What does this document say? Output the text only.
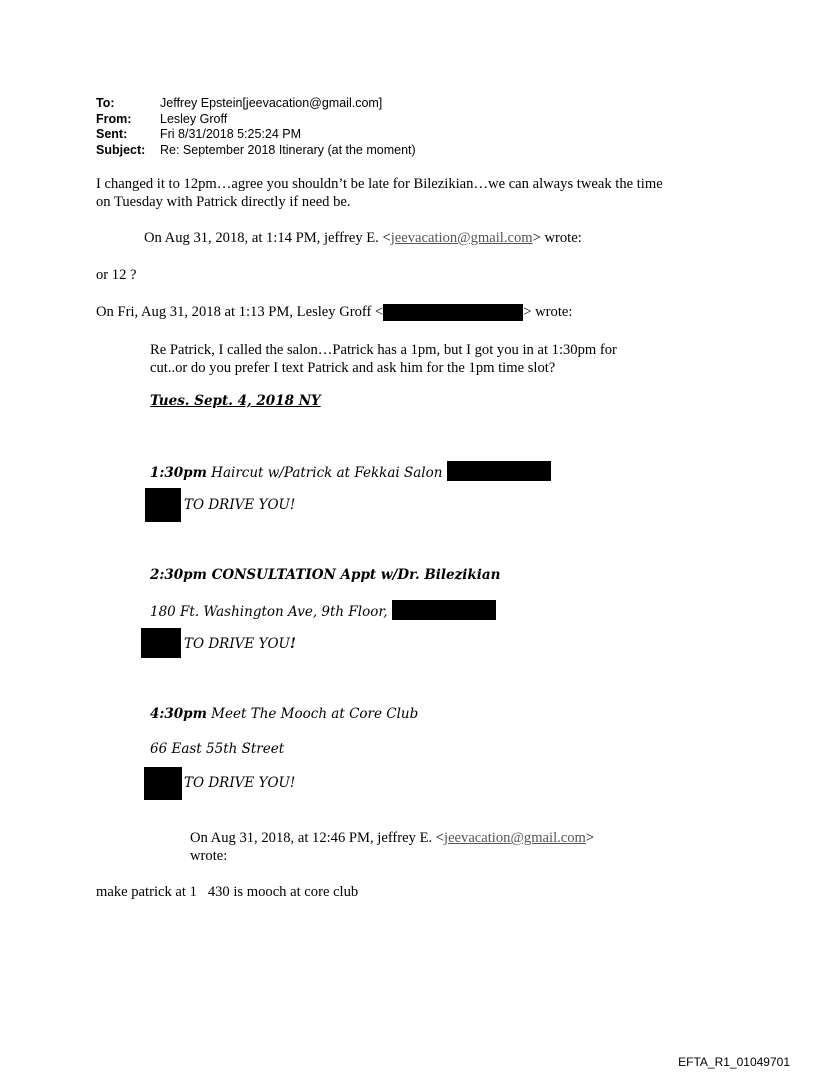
To:	Jeffrey Epstein[jeevacation@gmail.com]
From:	Lesley Groff
Sent:	Fri 8/31/2018 5:25:24 PM
Subject:	Re: September 2018 Itinerary (at the moment)
I changed it to 12pm…agree you shouldn’t be late for Bilezikian…we can always tweak the time
on Tuesday with Patrick directly if need be.
On Aug 31, 2018, at 1:14 PM, jeffrey E. <jeevacation@gmail.com> wrote:
or 12 ?
On Fri, Aug 31, 2018 at 1:13 PM, Lesley Groff <	> wrote:
Re Patrick, I called the salon…Patrick has a 1pm, but I got you in at 1:30pm for
cut..or do you prefer I text Patrick and ask him for the 1pm time slot?
Tues. Sept. 4, 2018 NY
1:30pm Haircut w/Patrick at Fekkai Salon
TO DRIVE YOU!
2:30pm CONSULTATION Appt w/Dr. Bilezikian
180 Ft. Washington Ave, 9th Floor,
TO DRIVE YOU!
4:30pm Meet The Mooch at Core Club
66 East 55th Street
TO DRIVE YOU!
On Aug 31, 2018, at 12:46 PM, jeffrey E. <jeevacation@gmail.com>
wrote:
make patrick at 1   430 is mooch at core club
EFTA_R1_01049701
